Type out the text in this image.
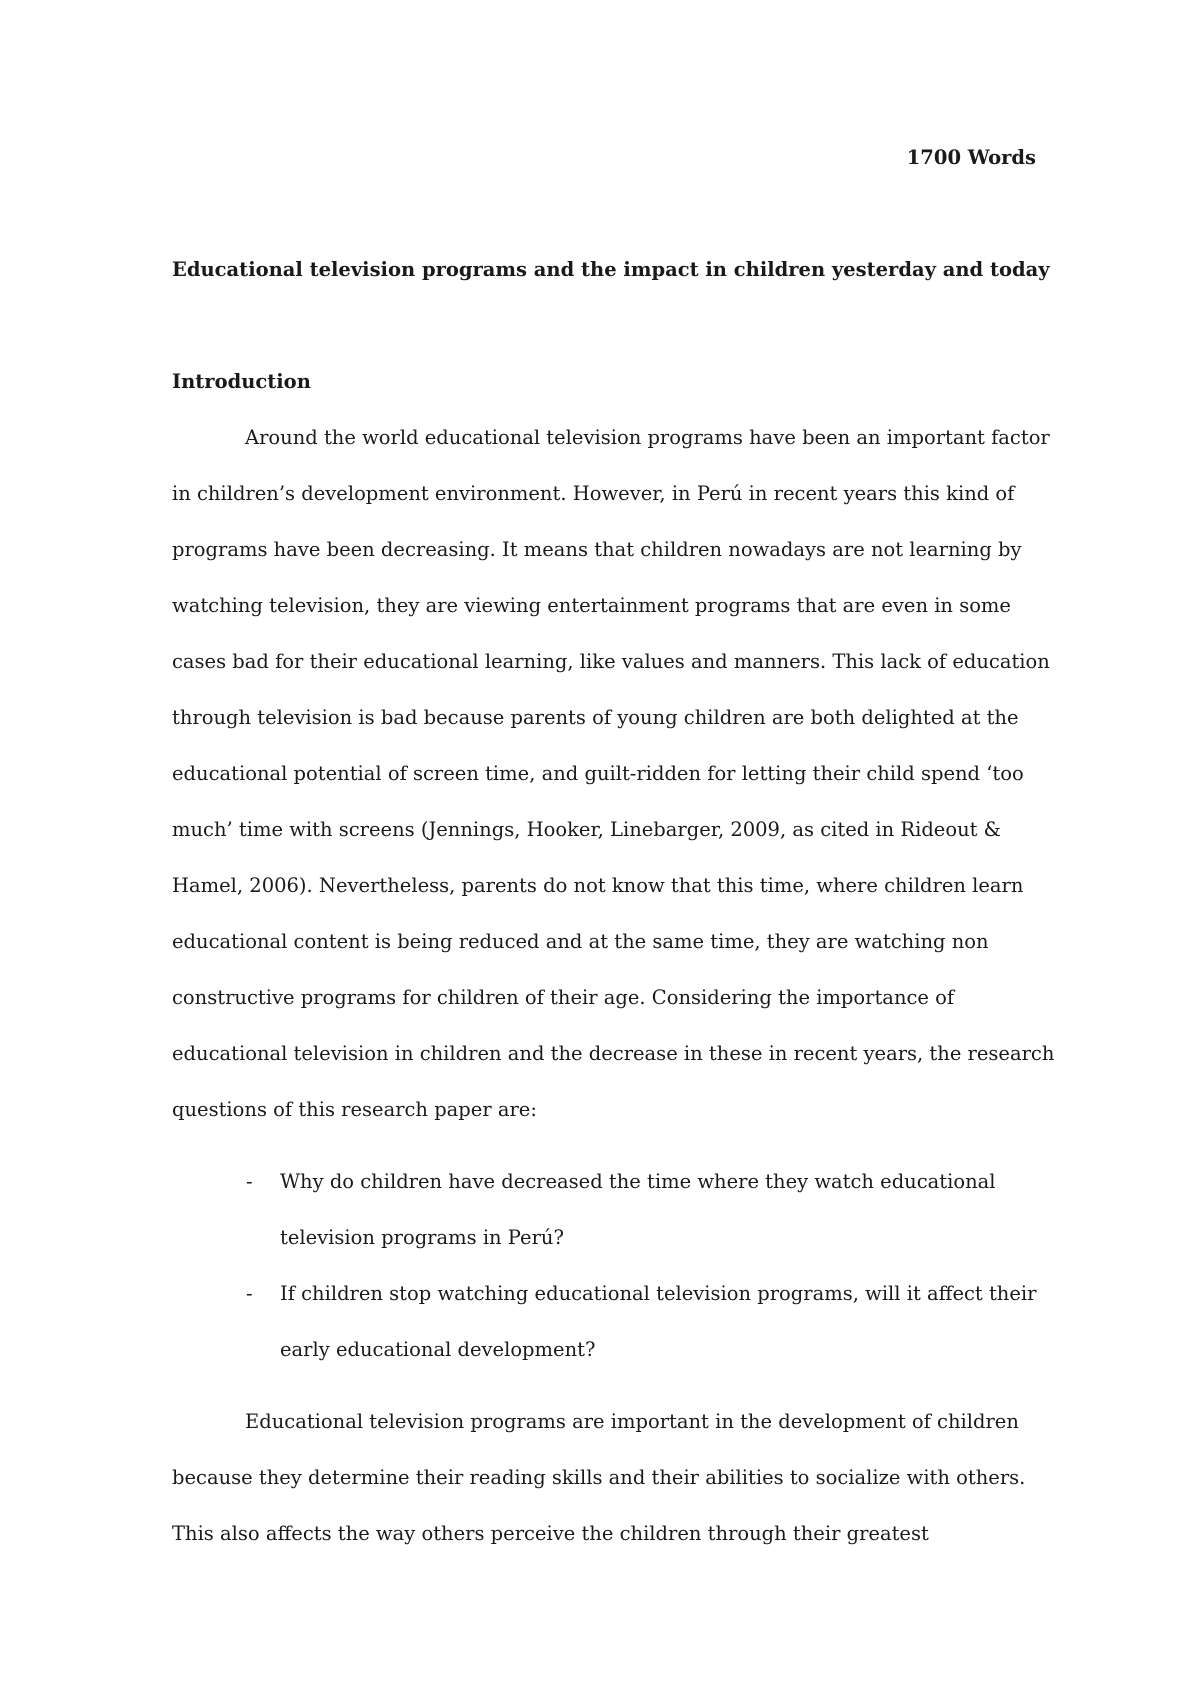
1700 Words
Educational television programs and the impact in children yesterday and today
Introduction
Around the world educational television programs have been an important factor
in children’s development environment. However, in Perú in recent years this kind of
programs have been decreasing. It means that children nowadays are not learning by
watching television, they are viewing entertainment programs that are even in some
cases bad for their educational learning, like values and manners. This lack of education
through television is bad because parents of young children are both delighted at the
educational potential of screen time, and guilt-ridden for letting their child spend ‘too
much’ time with screens (Jennings, Hooker, Linebarger, 2009, as cited in Rideout &
Hamel, 2006). Nevertheless, parents do not know that this time, where children learn
educational content is being reduced and at the same time, they are watching non
constructive programs for children of their age. Considering the importance of
educational television in children and the decrease in these in recent years, the research
questions of this research paper are:
- Why do children have decreased the time where they watch educational
television programs in Perú?
- If children stop watching educational television programs, will it affect their
early educational development?
Educational television programs are important in the development of children
because they determine their reading skills and their abilities to socialize with others.
This also affects the way others perceive the children through their greatest
